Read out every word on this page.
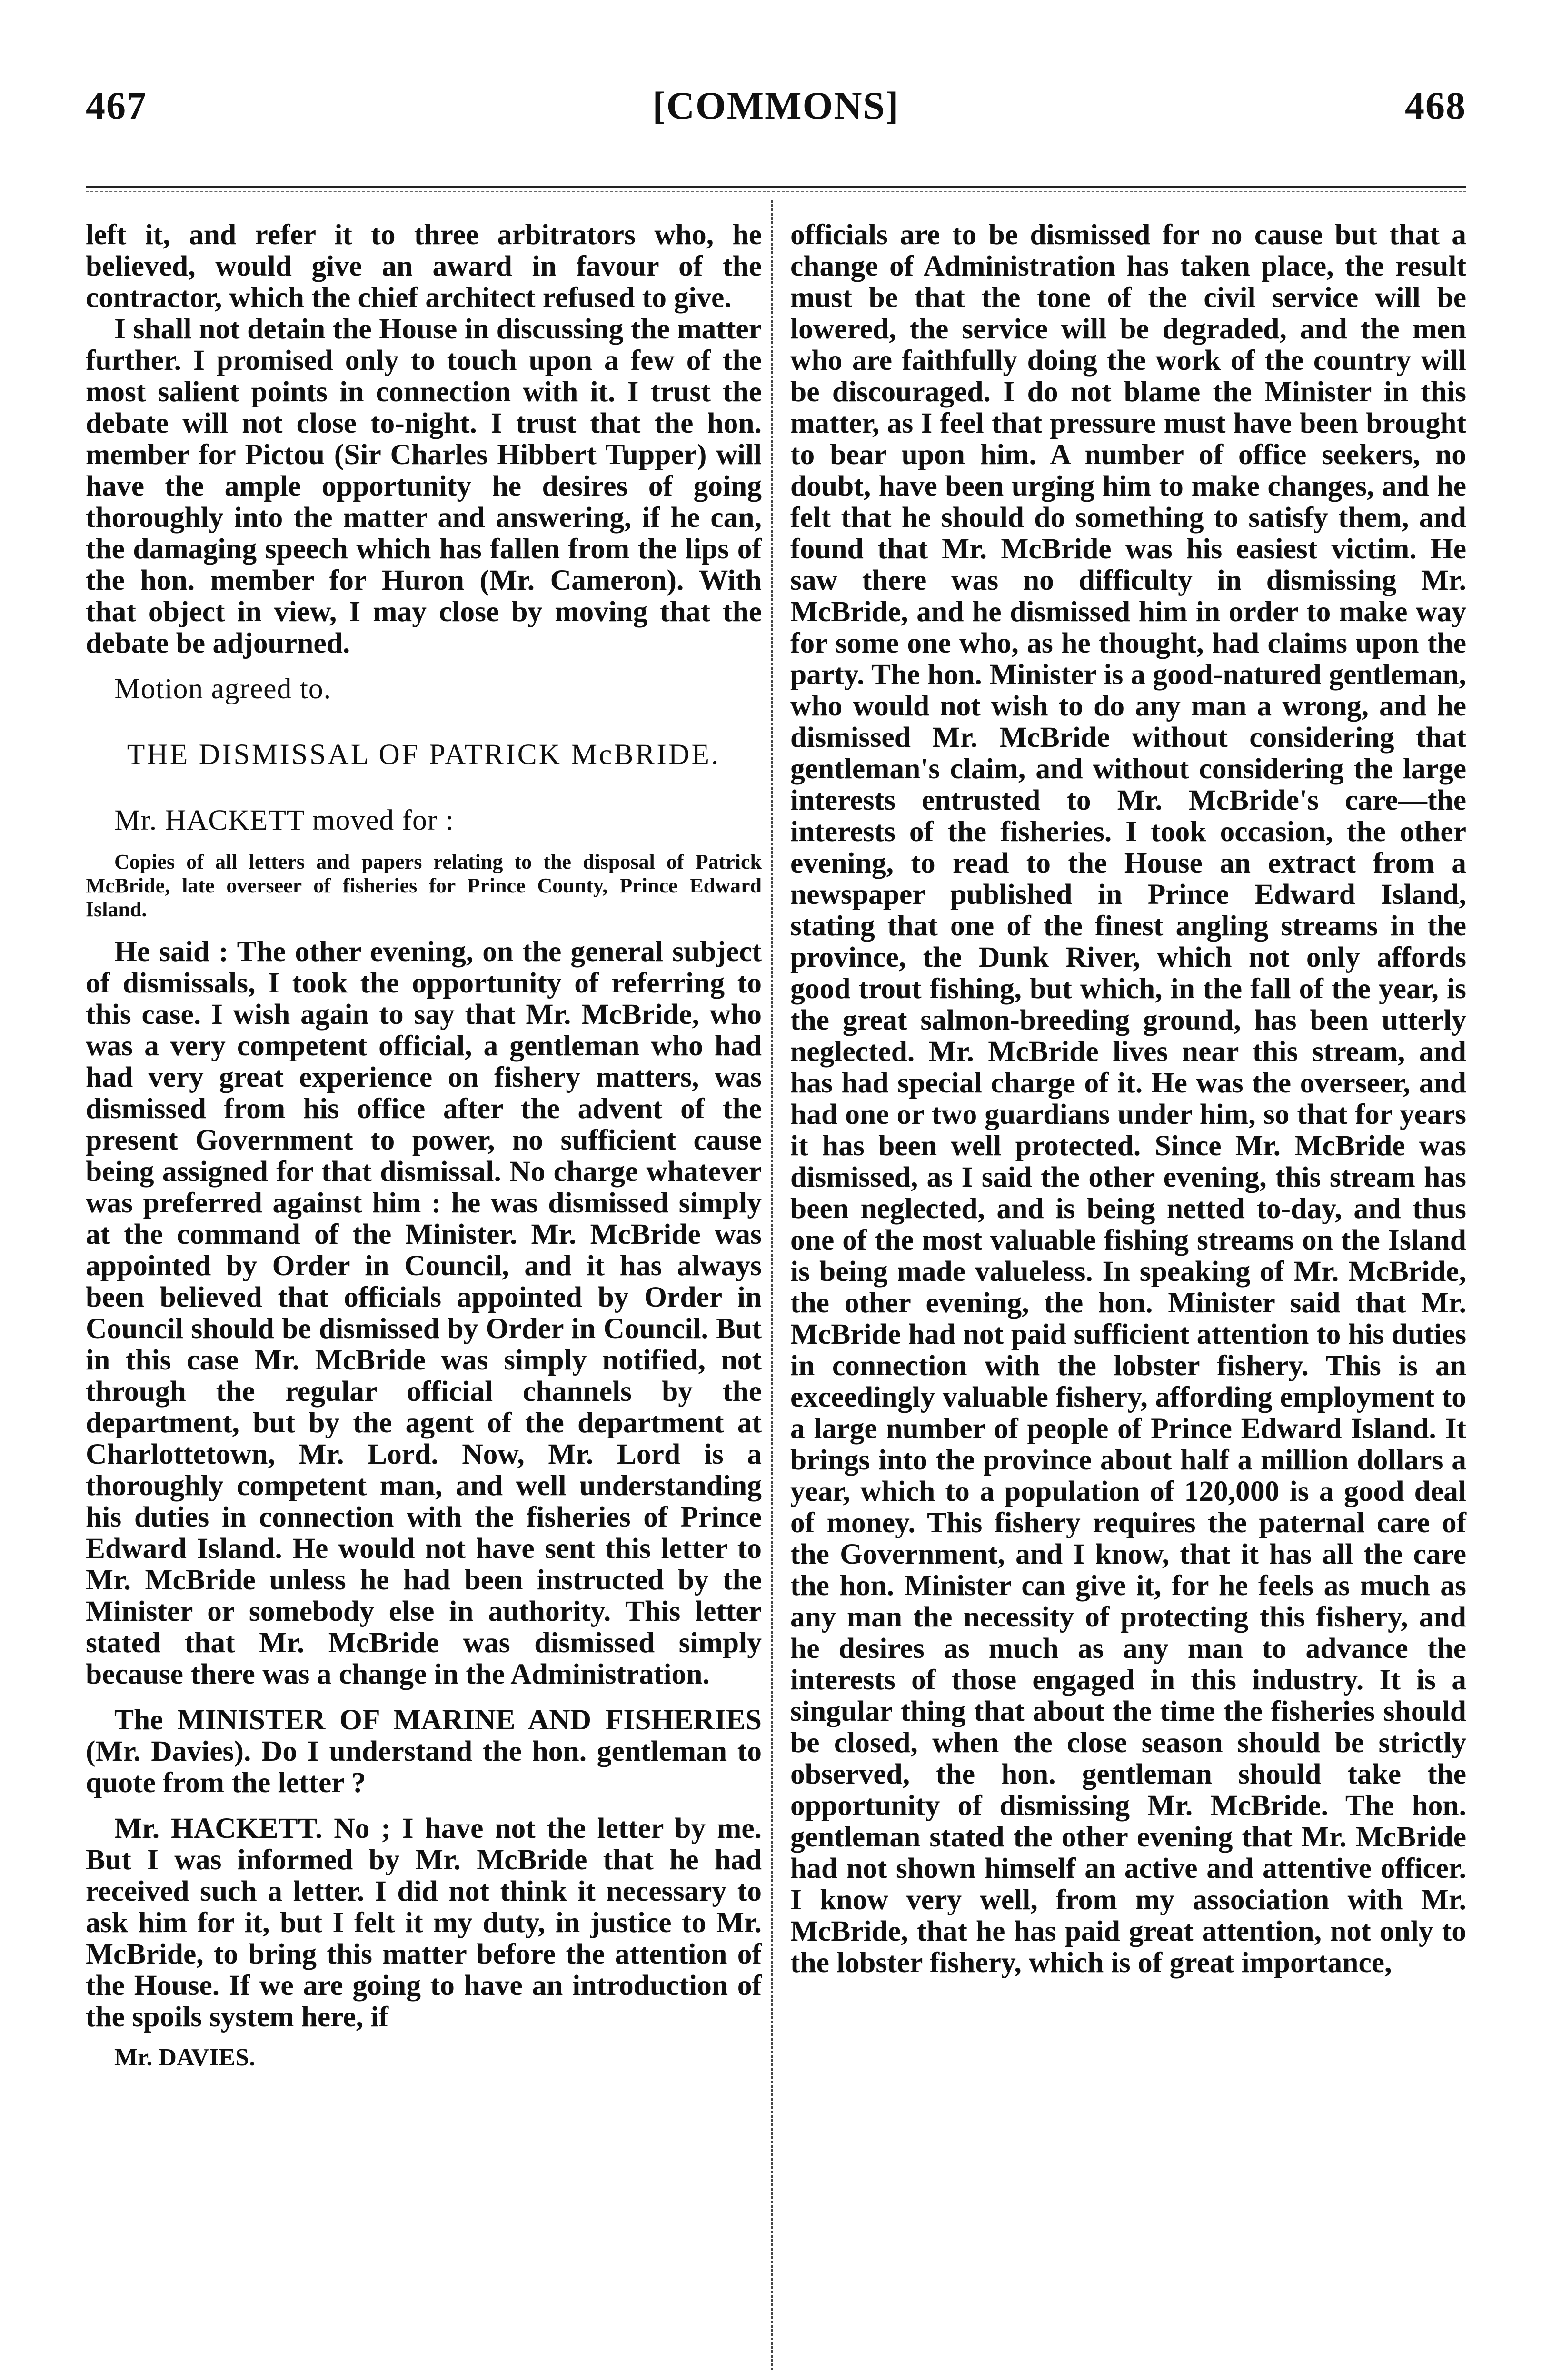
467	[COMMONS]	468

left it, and refer it to three arbitrators who, he believed, would give an award in favour of the contractor, which the chief architect refused to give.

I shall not detain the House in discussing the matter further. I promised only to touch upon a few of the most salient points in connection with it. I trust the debate will not close to-night. I trust that the hon. member for Pictou (Sir Charles Hibbert Tupper) will have the ample opportunity he desires of going thoroughly into the matter and answering, if he can, the damaging speech which has fallen from the lips of the hon. member for Huron (Mr. Cameron). With that object in view, I may close by moving that the debate be adjourned.

Motion agreed to.

THE DISMISSAL OF PATRICK McBRIDE.

Mr. HACKETT moved for :

Copies of all letters and papers relating to the disposal of Patrick McBride, late overseer of fisheries for Prince County, Prince Edward Island.

He said : The other evening, on the general subject of dismissals, I took the opportunity of referring to this case. I wish again to say that Mr. McBride, who was a very competent official, a gentleman who had had very great experience on fishery matters, was dismissed from his office after the advent of the present Government to power, no sufficient cause being assigned for that dismissal. No charge whatever was preferred against him : he was dismissed simply at the command of the Minister. Mr. McBride was appointed by Order in Council, and it has always been believed that officials appointed by Order in Council should be dismissed by Order in Council. But in this case Mr. McBride was simply notified, not through the regular official channels by the department, but by the agent of the department at Charlottetown, Mr. Lord. Now, Mr. Lord is a thoroughly competent man, and well understanding his duties in connection with the fisheries of Prince Edward Island. He would not have sent this letter to Mr. McBride unless he had been instructed by the Minister or somebody else in authority. This letter stated that Mr. McBride was dismissed simply because there was a change in the Administration.

The MINISTER OF MARINE AND FISHERIES (Mr. Davies). Do I understand the hon. gentleman to quote from the letter ?

Mr. HACKETT. No ; I have not the letter by me. But I was informed by Mr. McBride that he had received such a letter. I did not think it necessary to ask him for it, but I felt it my duty, in justice to Mr. McBride, to bring this matter before the attention of the House. If we are going to have an introduction of the spoils system here, if

Mr. DAVIES.

officials are to be dismissed for no cause but that a change of Administration has taken place, the result must be that the tone of the civil service will be lowered, the service will be degraded, and the men who are faithfully doing the work of the country will be discouraged. I do not blame the Minister in this matter, as I feel that pressure must have been brought to bear upon him. A number of office seekers, no doubt, have been urging him to make changes, and he felt that he should do something to satisfy them, and found that Mr. McBride was his easiest victim. He saw there was no difficulty in dismissing Mr. McBride, and he dismissed him in order to make way for some one who, as he thought, had claims upon the party. The hon. Minister is a good-natured gentleman, who would not wish to do any man a wrong, and he dismissed Mr. McBride without considering that gentleman's claim, and without considering the large interests entrusted to Mr. McBride's care—the interests of the fisheries. I took occasion, the other evening, to read to the House an extract from a newspaper published in Prince Edward Island, stating that one of the finest angling streams in the province, the Dunk River, which not only affords good trout fishing, but which, in the fall of the year, is the great salmon-breeding ground, has been utterly neglected. Mr. McBride lives near this stream, and has had special charge of it. He was the overseer, and had one or two guardians under him, so that for years it has been well protected. Since Mr. McBride was dismissed, as I said the other evening, this stream has been neglected, and is being netted to-day, and thus one of the most valuable fishing streams on the Island is being made valueless. In speaking of Mr. McBride, the other evening, the hon. Minister said that Mr. McBride had not paid sufficient attention to his duties in connection with the lobster fishery. This is an exceedingly valuable fishery, affording employment to a large number of people of Prince Edward Island. It brings into the province about half a million dollars a year, which to a population of 120,000 is a good deal of money. This fishery requires the paternal care of the Government, and I know, that it has all the care the hon. Minister can give it, for he feels as much as any man the necessity of protecting this fishery, and he desires as much as any man to advance the interests of those engaged in this industry. It is a singular thing that about the time the fisheries should be closed, when the close season should be strictly observed, the hon. gentleman should take the opportunity of dismissing Mr. McBride. The hon. gentleman stated the other evening that Mr. McBride had not shown himself an active and attentive officer. I know very well, from my association with Mr. McBride, that he has paid great attention, not only to the lobster fishery, which is of great importance,
